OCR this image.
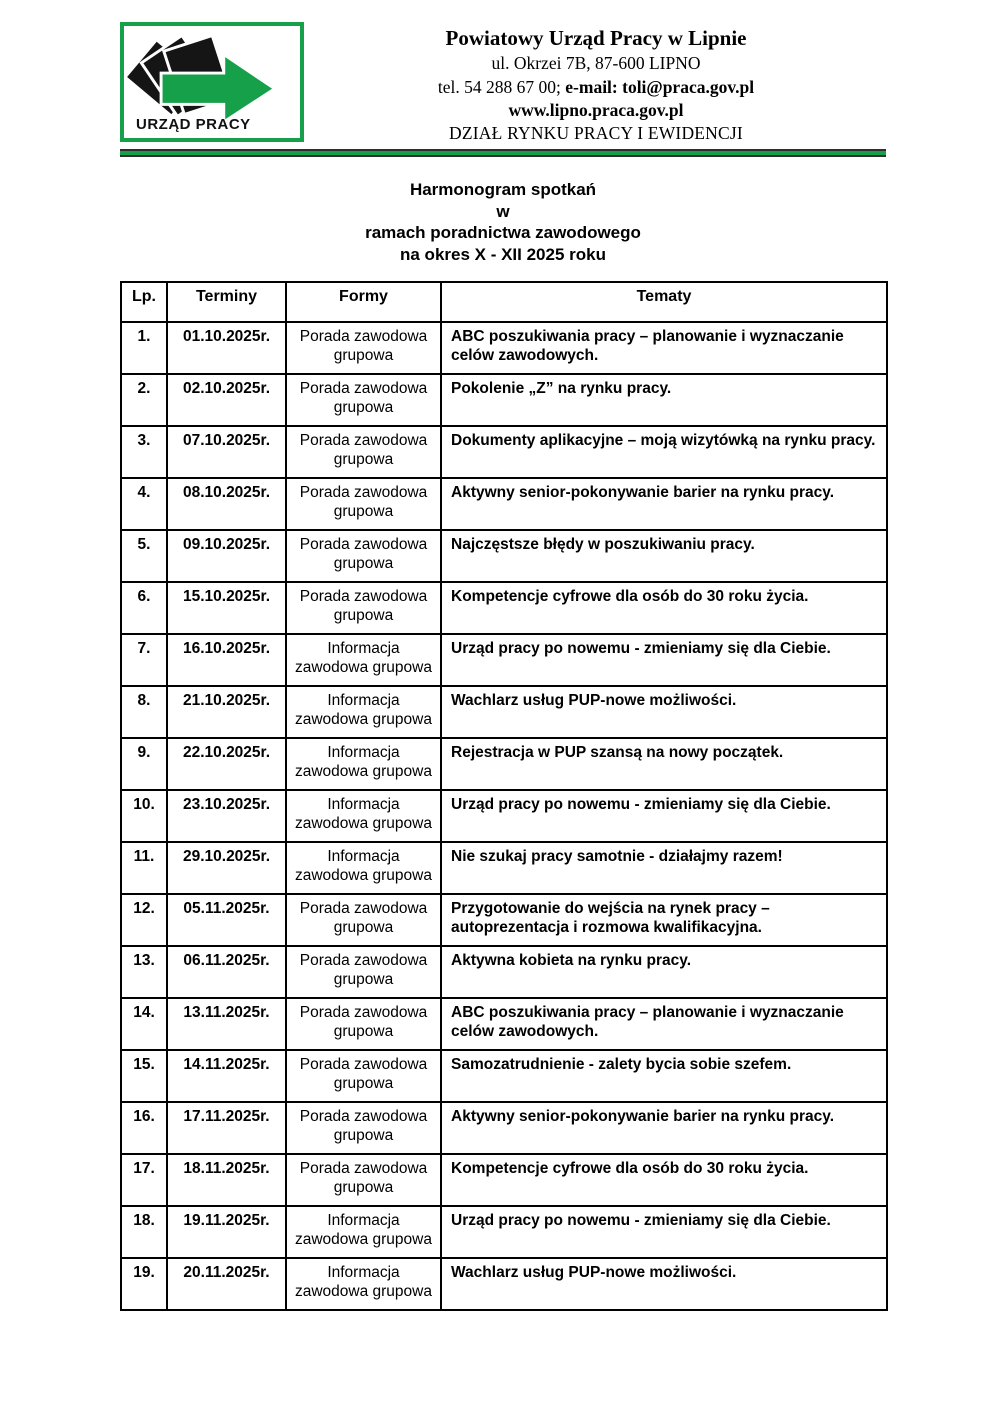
URZĄD PRACY
Powiatowy Urząd Pracy w Lipnie
ul. Okrzei 7B, 87-600 LIPNO
tel. 54 288 67 00; e-mail: toli@praca.gov.pl
www.lipno.praca.gov.pl
DZIAŁ RYNKU PRACY I EWIDENCJI
Harmonogram spotkań
w
ramach poradnictwa zawodowego
na okres X - XII 2025 roku
Lp.	Terminy	Formy	Tematy
1.	01.10.2025r.	Porada zawodowa grupowa	ABC poszukiwania pracy – planowanie i wyznaczanie celów zawodowych.
2.	02.10.2025r.	Porada zawodowa grupowa	Pokolenie „Z” na rynku pracy.
3.	07.10.2025r.	Porada zawodowa grupowa	Dokumenty aplikacyjne – moją wizytówką na rynku pracy.
4.	08.10.2025r.	Porada zawodowa grupowa	Aktywny senior-pokonywanie barier na rynku pracy.
5.	09.10.2025r.	Porada zawodowa grupowa	Najczęstsze błędy w poszukiwaniu pracy.
6.	15.10.2025r.	Porada zawodowa grupowa	Kompetencje cyfrowe dla osób do 30 roku życia.
7.	16.10.2025r.	Informacja zawodowa grupowa	Urząd pracy po nowemu - zmieniamy się dla Ciebie.
8.	21.10.2025r.	Informacja zawodowa grupowa	Wachlarz usług PUP-nowe możliwości.
9.	22.10.2025r.	Informacja zawodowa grupowa	Rejestracja w PUP szansą na nowy początek.
10.	23.10.2025r.	Informacja zawodowa grupowa	Urząd pracy po nowemu - zmieniamy się dla Ciebie.
11.	29.10.2025r.	Informacja zawodowa grupowa	Nie szukaj pracy samotnie - działajmy razem!
12.	05.11.2025r.	Porada zawodowa grupowa	Przygotowanie do wejścia na rynek pracy – autoprezentacja i rozmowa kwalifikacyjna.
13.	06.11.2025r.	Porada zawodowa grupowa	Aktywna kobieta na rynku pracy.
14.	13.11.2025r.	Porada zawodowa grupowa	ABC poszukiwania pracy – planowanie i wyznaczanie celów zawodowych.
15.	14.11.2025r.	Porada zawodowa grupowa	Samozatrudnienie - zalety bycia sobie szefem.
16.	17.11.2025r.	Porada zawodowa grupowa	Aktywny senior-pokonywanie barier na rynku pracy.
17.	18.11.2025r.	Porada zawodowa grupowa	Kompetencje cyfrowe dla osób do 30 roku życia.
18.	19.11.2025r.	Informacja zawodowa grupowa	Urząd pracy po nowemu - zmieniamy się dla Ciebie.
19.	20.11.2025r.	Informacja zawodowa grupowa	Wachlarz usług PUP-nowe możliwości.
